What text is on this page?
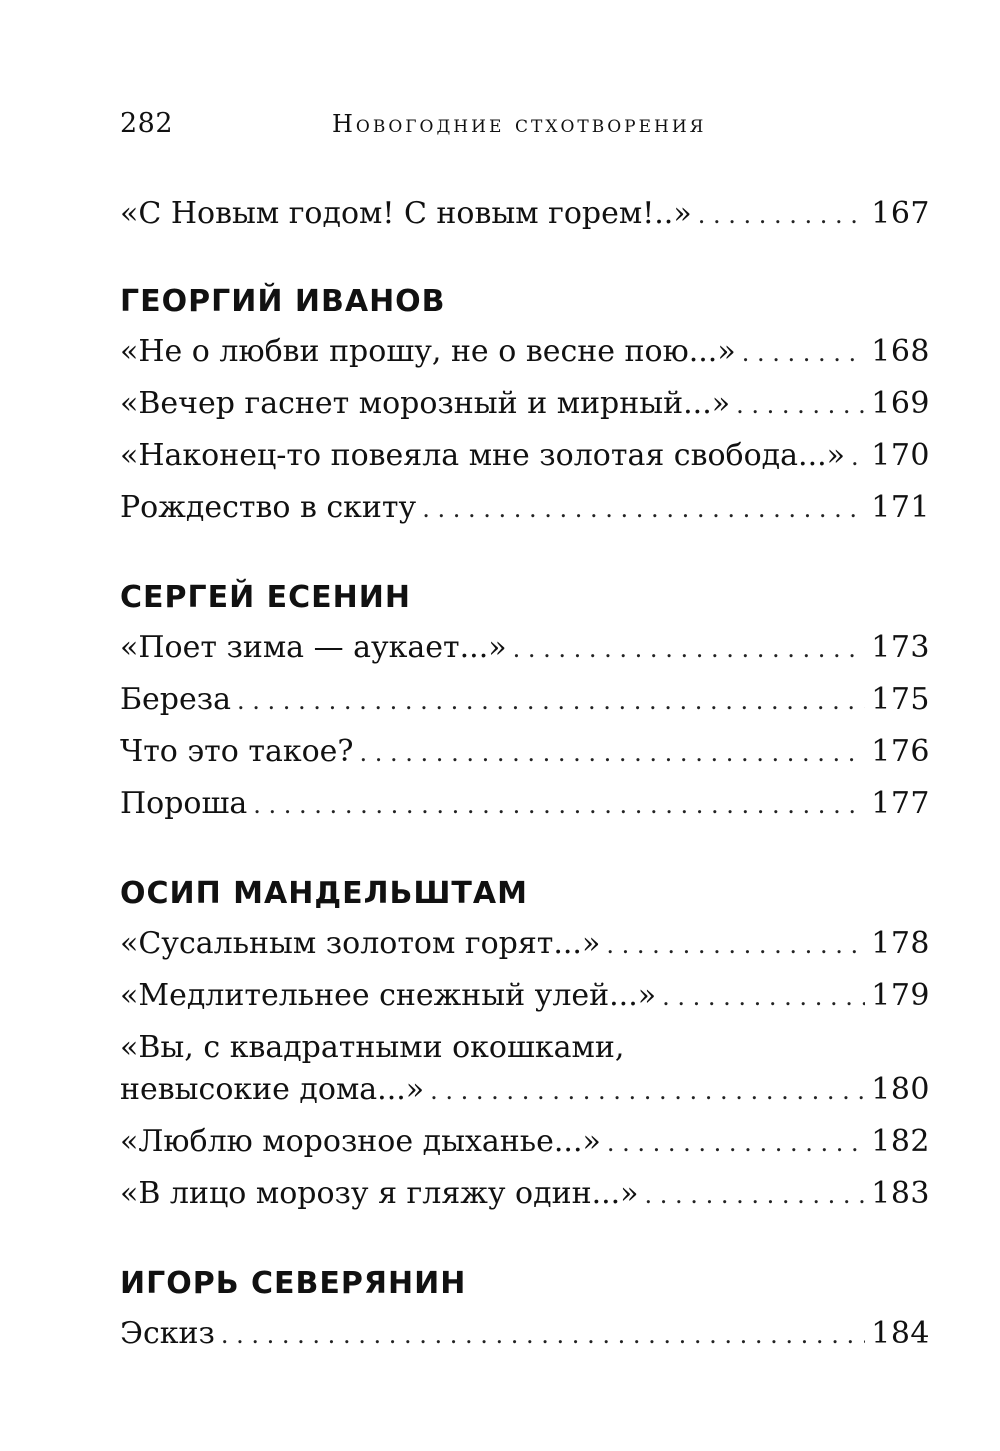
282	Новогодние стхотворения
«С Новым годом! С новым горем!..» . . .	167
ГЕОРГИЙ ИВАНОВ
«Не о любви прошу, не о весне пою...» . . .	168
«Вечер гаснет морозный и мирный...» . . .	169
«Наконец-то повеяла мне золотая свобода...» . . . 170
Рождество в скиту . . .	171
СЕРГЕЙ ЕСЕНИН
«Поет зима — аукает...» . . .	173
Береза . . .	175
Что это такое? . . .	176
Пороша . . .	177
ОСИП МАНДЕЛЬШТАМ
«Сусальным золотом горят...» . . .	178
«Медлительнее снежный улей...» . . .	179
«Вы, с квадратными окошками,
невысокие дома...» . . .	180
«Люблю морозное дыханье...» . . .	182
«В лицо морозу я гляжу один...» . . .	183
ИГОРЬ СЕВЕРЯНИН
Эскиз . . .	184
